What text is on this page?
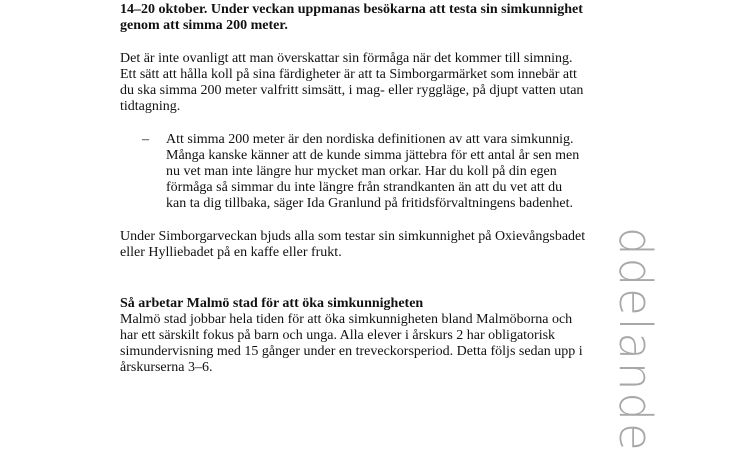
14–20 oktober. Under veckan uppmanas besökarna att testa sin simkunnighet genom att simma 200 meter.

Det är inte ovanligt att man överskattar sin förmåga när det kommer till simning. Ett sätt att hålla koll på sina färdigheter är att ta Simborgarmärket som innebär att du ska simma 200 meter valfritt simsätt, i mag- eller ryggläge, på djupt vatten utan tidtagning.

–	Att simma 200 meter är den nordiska definitionen av att vara simkunnig. Många kanske känner att de kunde simma jättebra för ett antal år sen men nu vet man inte längre hur mycket man orkar. Har du koll på din egen förmåga så simmar du inte längre från strandkanten än att du vet att du kan ta dig tillbaka, säger Ida Granlund på fritidsförvaltningens badenhet.

Under Simborgarveckan bjuds alla som testar sin simkunnighet på Oxievångsbadet eller Hylliebadet på en kaffe eller frukt.

Så arbetar Malmö stad för att öka simkunnigheten

Malmö stad jobbar hela tiden för att öka simkunnigheten bland Malmöborna och har ett särskilt fokus på barn och unga. Alla elever i årskurs 2 har obligatorisk simundervisning med 15 gånger under en treveckorsperiod. Detta följs sedan upp i årskurserna 3–6.	ddelande
